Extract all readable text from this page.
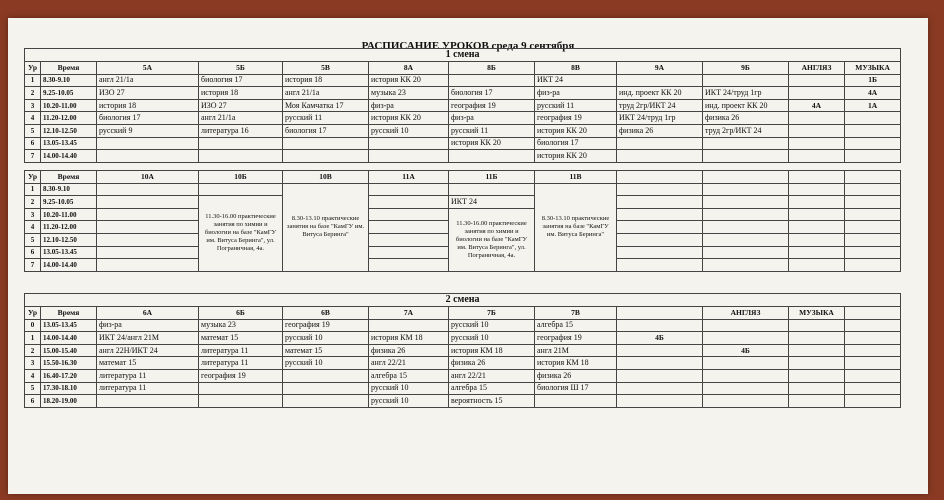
РАСПИСАНИЕ УРОКОВ среда 9 сентября
1 смена											
Ур	Время	5А	5Б	5В	8А	8Б	8В	9А	9Б	АНГЛЯЗ	МУЗЫКА
1	8.30-9.10	англ 21/1а	биология 17	история 18	история КК 20		ИКТ 24				1Б
2	9.25-10.05	ИЗО 27	история 18	англ 21/1а	музыка 23	биология 17	физ-ра	инд. проект КК 20	ИКТ 24/труд 1гр		4А
3	10.20-11.00	история 18	ИЗО 27	Моя Камчатка 17	физ-ра	география 19	русский 11	труд 2гр/ИКТ 24	инд. проект КК 20	4А	1А
4	11.20-12.00	биология 17	англ 21/1а	русский 11	история КК 20	физ-ра	география 19	ИКТ 24/труд 1гр	физика 26		
5	12.10-12.50	русский 9	литература 16	биология 17	русский 10	русский 11	история КК 20	физика 26	труд 2гр/ИКТ 24		
6	13.05-13.45					история КК 20	биология 17				
7	14.00-14.40						история КК 20				
Ур	Время	10А	10Б	10В	11А	11Б	11В				
1	8.30-9.10			8.30-13.10 практические занятия на базе "КамГУ им. Витуса Беринга"			8.30-13.10 практические занятия на базе "КамГУ им. Витуса Беринга"				
2	9.25-10.05		11.30-16.00 практические занятия по химии и биологии на базе "КамГУ им. Витуса Беринга", ул. Пограничная, 4а.			ИКТ 24					
3	10.20-11.00					11.30-16.00 практические занятия по химии и биологии на базе "КамГУ им. Витуса Беринга", ул. Пограничная, 4а.					
4	11.20-12.00										
5	12.10-12.50										
6	13.05-13.45										
7	14.00-14.40										
2 смена											
Ур	Время	6А	6Б	6В	7А	7Б	7В		АНГЛЯЗ	МУЗЫКА	
0	13.05-13.45	физ-ра	музыка 23	география 19		русский 10	алгебра 15				
1	14.00-14.40	ИКТ 24/англ 21М	математ 15	русский 10	история КМ 18	русский 10	география 19	4Б			
2	15.00-15.40	англ 22Н/ИКТ 24	литература 11	математ 15	физика 26	история КМ 18	англ 21М		4Б		
3	15.50-16.30	математ 15	литература 11	русский 10	англ 22/21	физика 26	история КМ 18				
4	16.40-17.20	литература 11	география 19		алгебра 15	англ 22/21	физика 26				
5	17.30-18.10	литература 11			русский 10	алгебра 15	биология Ш 17				
6	18.20-19.00				русский 10	вероятность 15					
